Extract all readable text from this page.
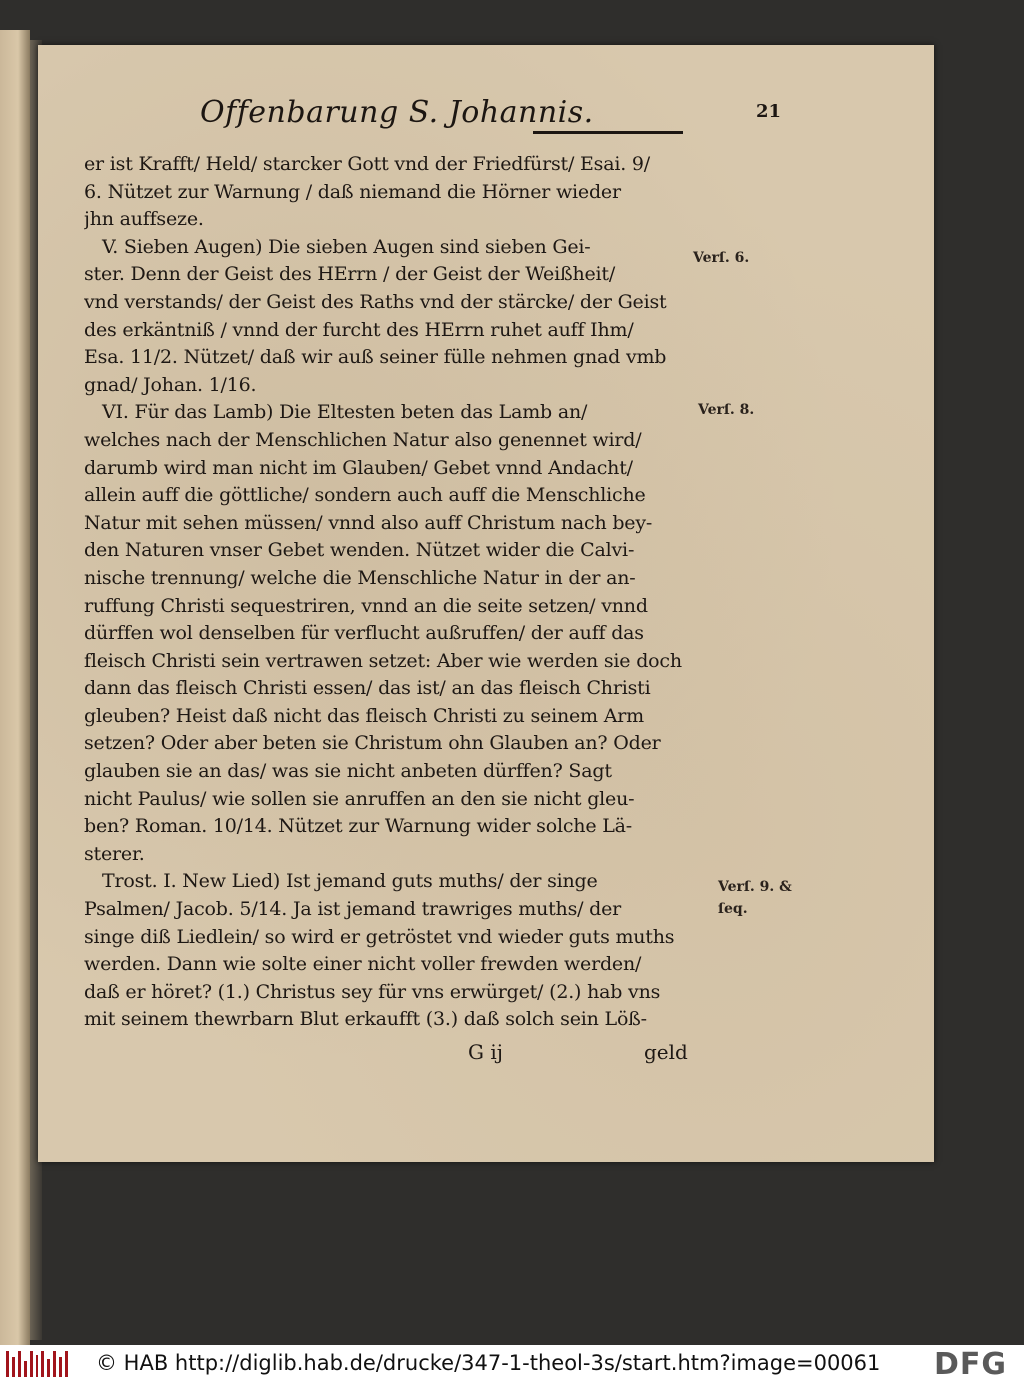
Offenbarung S. Johannis.	21
er ist Krafft/ Held/ starcker Gott vnd der Friedfürst/ Esai. 9/
6. Nützet zur Warnung / daß niemand die Hörner wieder
jhn auffseze.
V. Sieben Augen) Die sieben Augen sind sieben Gei-
ster. Denn der Geist des HErrn / der Geist der Weißheit/
vnd verstands/ der Geist des Raths vnd der stärcke/ der Geist
des erkäntniß / vnnd der furcht des HErrn ruhet auff Ihm/
Esa. 11/2. Nützet/ daß wir auß seiner fülle nehmen gnad vmb
gnad/ Johan. 1/16.
VI. Für das Lamb) Die Eltesten beten das Lamb an/
welches nach der Menschlichen Natur also genennet wird/
darumb wird man nicht im Glauben/ Gebet vnnd Andacht/
allein auff die göttliche/ sondern auch auff die Menschliche
Natur mit sehen müssen/ vnnd also auff Christum nach bey-
den Naturen vnser Gebet wenden. Nützet wider die Calvi-
nische trennung/ welche die Menschliche Natur in der an-
ruffung Christi sequestriren, vnnd an die seite setzen/ vnnd
dürffen wol denselben für verflucht außruffen/ der auff das
fleisch Christi sein vertrawen setzet: Aber wie werden sie doch
dann das fleisch Christi essen/ das ist/ an das fleisch Christi
gleuben? Heist daß nicht das fleisch Christi zu seinem Arm
setzen? Oder aber beten sie Christum ohn Glauben an? Oder
glauben sie an das/ was sie nicht anbeten dürffen? Sagt
nicht Paulus/ wie sollen sie anruffen an den sie nicht gleu-
ben? Roman. 10/14. Nützet zur Warnung wider solche Lä-
sterer.
Trost. I. New Lied) Ist jemand guts muths/ der singe
Psalmen/ Jacob. 5/14. Ja ist jemand trawriges muths/ der
singe diß Liedlein/ so wird er getröstet vnd wieder guts muths
werden. Dann wie solte einer nicht voller frewden werden/
daß er höret? (1.) Christus sey für vns erwürget/ (2.) hab vns
mit seinem thewrbarn Blut erkaufft (3.) daß solch sein Löß-
Verſ. 6.
Verſ. 8.
Verſ. 9. &
ſeq.
G ij	geld
© HAB http://diglib.hab.de/drucke/347-1-theol-3s/start.htm?image=00061 DFG
